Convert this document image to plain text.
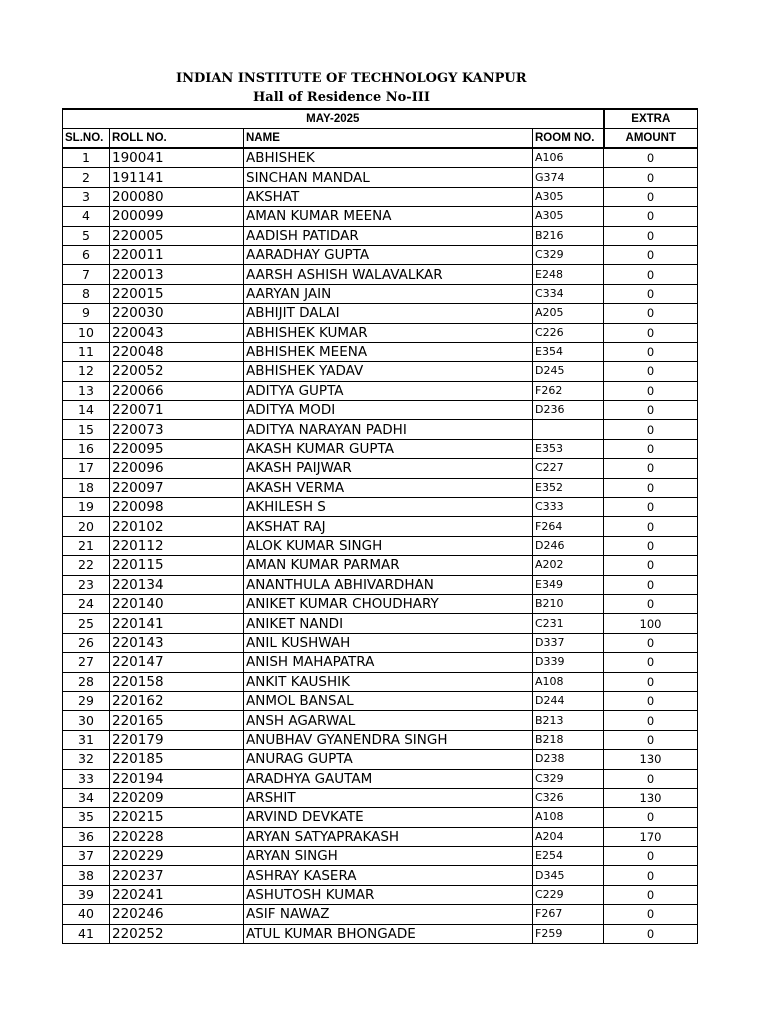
INDIAN INSTITUTE OF TECHNOLOGY KANPUR
Hall of Residence No-III
MAY-2025				EXTRA
SL.NO.	ROLL NO.	NAME	ROOM NO.	AMOUNT
1	190041	ABHISHEK	A106	0
2	191141	SINCHAN MANDAL	G374	0
3	200080	AKSHAT	A305	0
4	200099	AMAN KUMAR MEENA	A305	0
5	220005	AADISH PATIDAR	B216	0
6	220011	AARADHAY GUPTA	C329	0
7	220013	AARSH ASHISH WALAVALKAR	E248	0
8	220015	AARYAN JAIN	C334	0
9	220030	ABHIJIT DALAI	A205	0
10	220043	ABHISHEK KUMAR	C226	0
11	220048	ABHISHEK MEENA	E354	0
12	220052	ABHISHEK YADAV	D245	0
13	220066	ADITYA GUPTA	F262	0
14	220071	ADITYA MODI	D236	0
15	220073	ADITYA NARAYAN PADHI		0
16	220095	AKASH KUMAR GUPTA	E353	0
17	220096	AKASH PAIJWAR	C227	0
18	220097	AKASH VERMA	E352	0
19	220098	AKHILESH S	C333	0
20	220102	AKSHAT RAJ	F264	0
21	220112	ALOK KUMAR SINGH	D246	0
22	220115	AMAN KUMAR PARMAR	A202	0
23	220134	ANANTHULA ABHIVARDHAN	E349	0
24	220140	ANIKET KUMAR CHOUDHARY	B210	0
25	220141	ANIKET NANDI	C231	100
26	220143	ANIL KUSHWAH	D337	0
27	220147	ANISH MAHAPATRA	D339	0
28	220158	ANKIT KAUSHIK	A108	0
29	220162	ANMOL BANSAL	D244	0
30	220165	ANSH AGARWAL	B213	0
31	220179	ANUBHAV GYANENDRA SINGH	B218	0
32	220185	ANURAG GUPTA	D238	130
33	220194	ARADHYA GAUTAM	C329	0
34	220209	ARSHIT	C326	130
35	220215	ARVIND DEVKATE	A108	0
36	220228	ARYAN SATYAPRAKASH	A204	170
37	220229	ARYAN SINGH	E254	0
38	220237	ASHRAY KASERA	D345	0
39	220241	ASHUTOSH KUMAR	C229	0
40	220246	ASIF NAWAZ	F267	0
41	220252	ATUL KUMAR BHONGADE	F259	0
